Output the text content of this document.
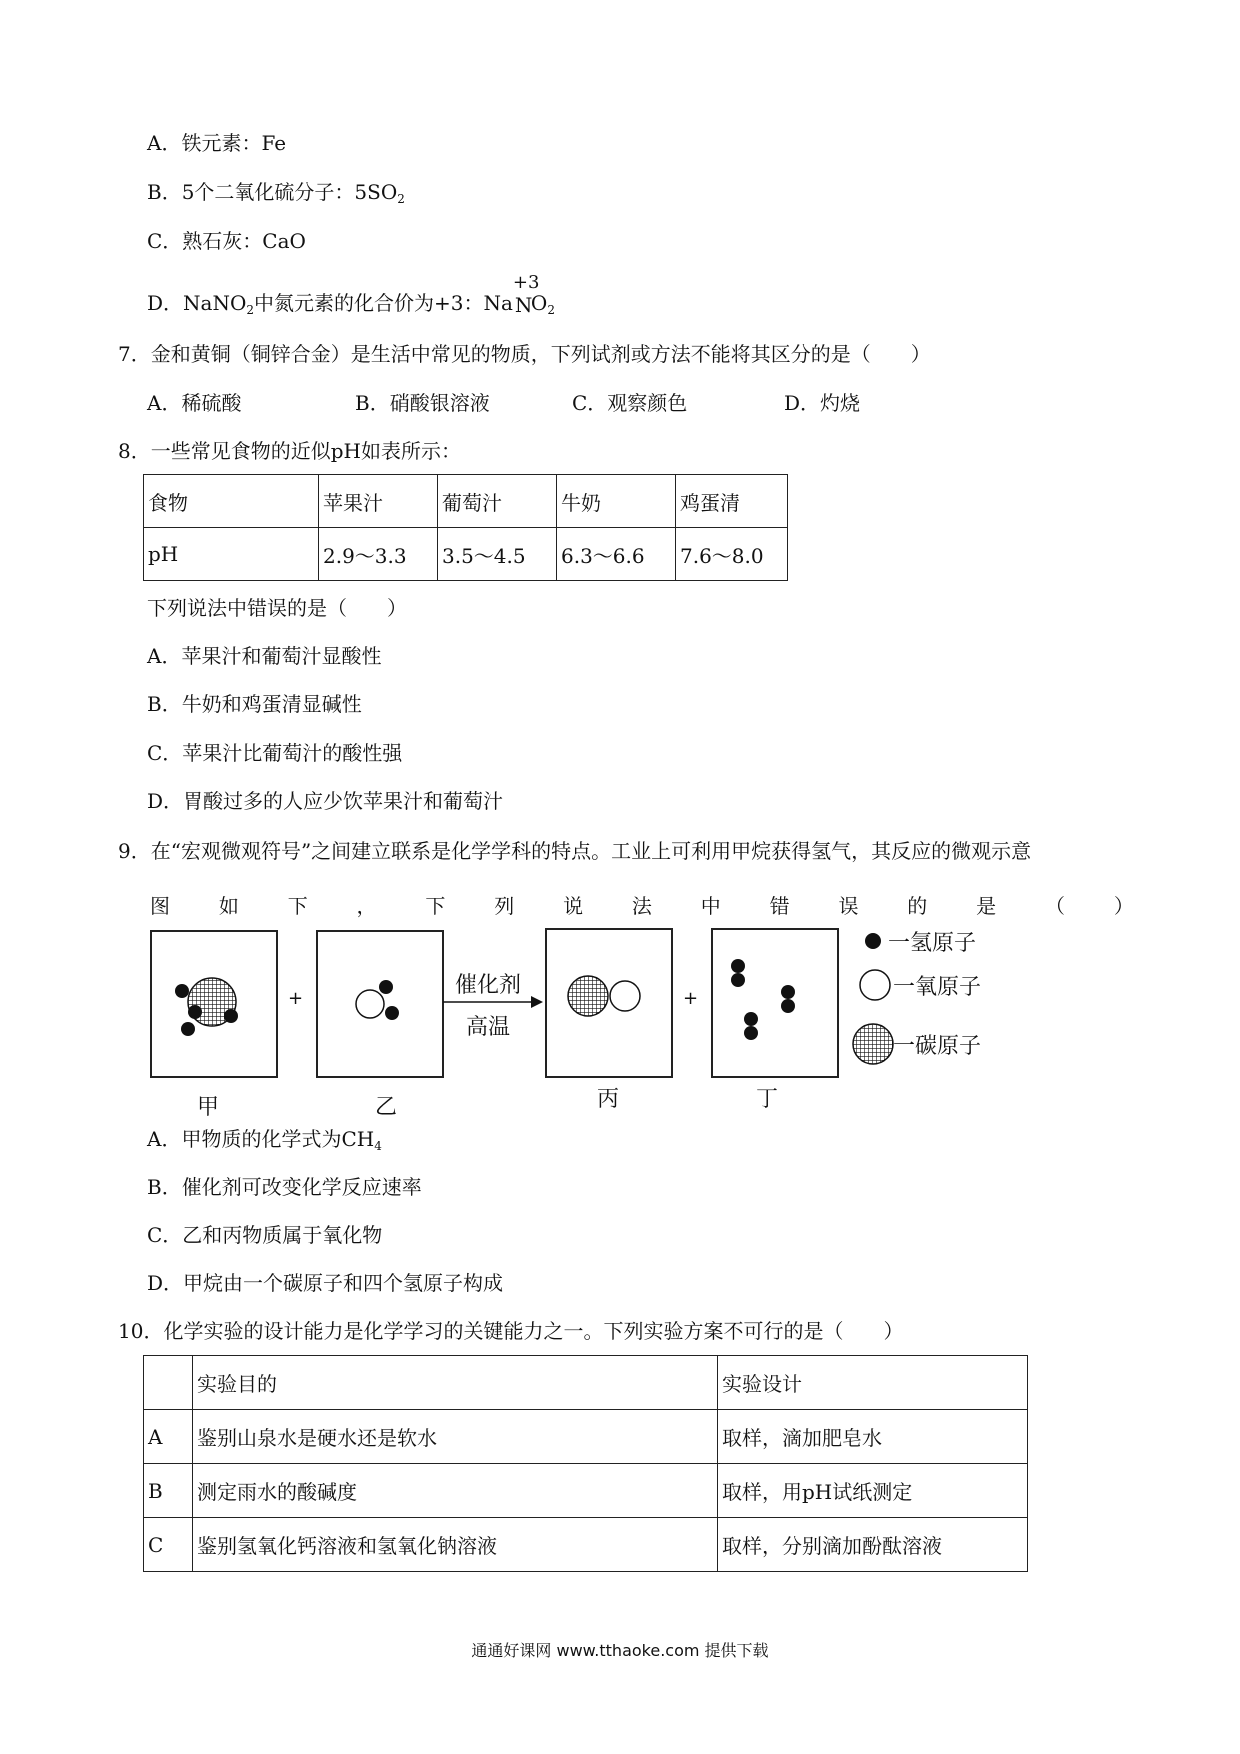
A．铁元素：Fe
B．5个二氧化硫分子：$5SO_2$
C．熟石灰：CaO
D．NaNO$_2$中氮元素的化合价为+3：Na
+3
N
$O_2$
7．金和黄铜（铜锌合金）是生活中常见的物质，下列试剂或方法不能将其区分的是（　　）
A．稀硫酸	B．硝酸银溶液	C．观察颜色	D．灼烧
8．一些常见食物的近似pH如表所示：
食物	苹果汁	葡萄汁	牛奶	鸡蛋清
pH	2.9～3.3	3.5～4.5	6.3～6.6	7.6～8.0
下列说法中错误的是（　　）
A．苹果汁和葡萄汁显酸性
B．牛奶和鸡蛋清显碱性
C．苹果汁比葡萄汁的酸性强
D．胃酸过多的人应少饮苹果汁和葡萄汁
9．在“宏观微观符号”之间建立联系是化学学科的特点。工业上可利用甲烷获得氢气，其反应的微观示意
图 如 下 ， 下 列 说 法 中 错 误 的 是 （ ）
+	+
催化剂
高温
甲	乙	丙	丁
一氢原子
一氧原子
一碳原子
A．甲物质的化学式为$CH_4$
B．催化剂可改变化学反应速率
C．乙和丙物质属于氧化物
D．甲烷由一个碳原子和四个氢原子构成
10．化学实验的设计能力是化学学习的关键能力之一。下列实验方案不可行的是（　　）
	实验目的	实验设计
A	鉴别山泉水是硬水还是软水	取样，滴加肥皂水
B	测定雨水的酸碱度	取样，用pH试纸测定
C	鉴别氢氧化钙溶液和氢氧化钠溶液	取样，分别滴加酚酞溶液
通通好课网 www.tthaoke.com 提供下载
